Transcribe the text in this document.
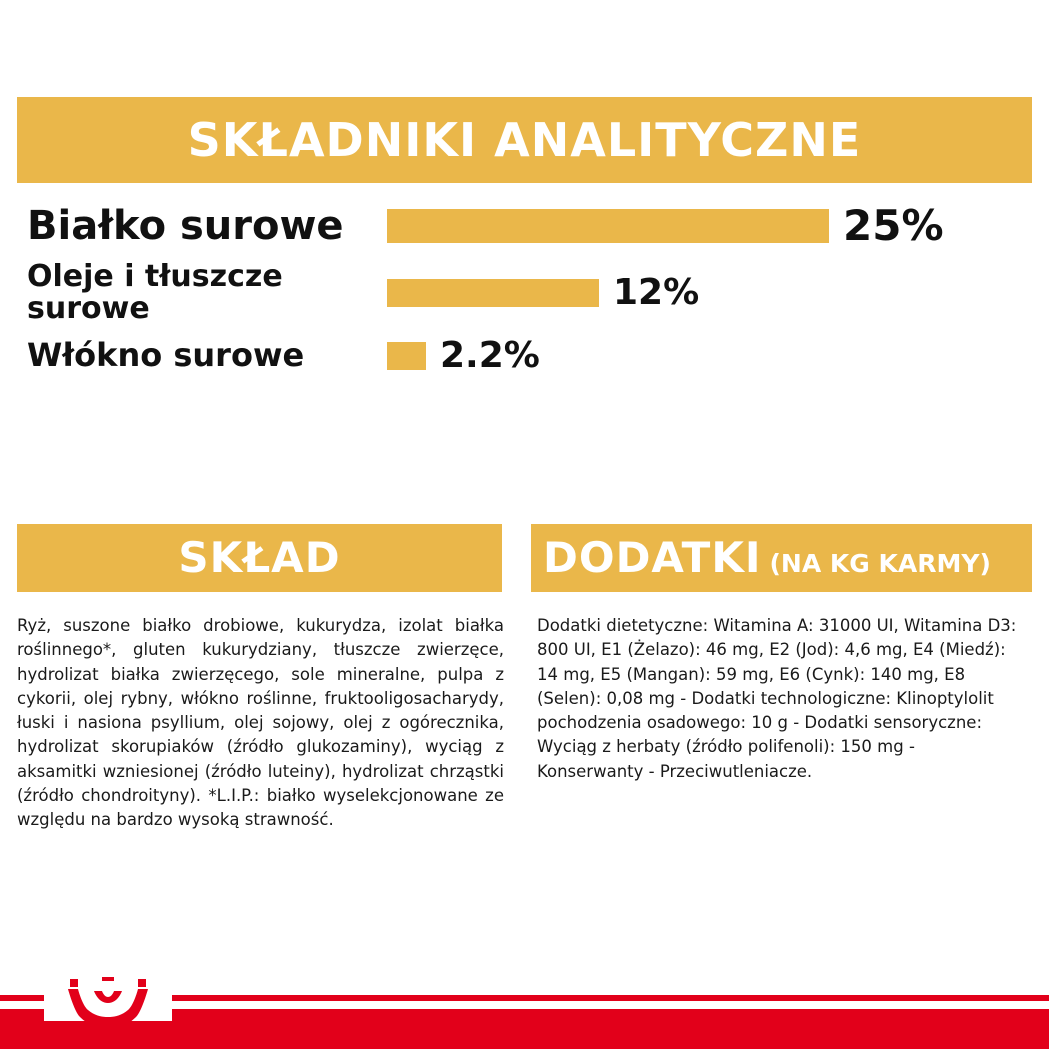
SKŁADNIKI ANALITYCZNE
Białko surowe	25%
Oleje i tłuszcze surowe	12%
Włókno surowe	2.2%
SKŁAD
Ryż, suszone białko drobiowe, kukurydza, izolat białka roślinnego*, gluten kukurydziany, tłuszcze zwierzęce, hydrolizat białka zwierzęcego, sole mineralne, pulpa z cykorii, olej rybny, włókno roślinne, fruktooligosacharydy, łuski i nasiona psyllium, olej sojowy, olej z ogórecznika, hydrolizat skorupiaków (źródło glukozaminy), wyciąg z aksamitki wzniesionej (źródło luteiny), hydrolizat chrząstki (źródło chondroityny). *L.I.P.: białko wyselekcjonowane ze względu na bardzo wysoką strawność.
DODATKI (NA KG KARMY)
Dodatki dietetyczne: Witamina A: 31000 UI, Witamina D3: 800 UI, E1 (Żelazo): 46 mg, E2 (Jod): 4,6 mg, E4 (Miedź): 14 mg, E5 (Mangan): 59 mg, E6 (Cynk): 140 mg, E8 (Selen): 0,08 mg - Dodatki technologiczne: Klinoptylolit pochodzenia osadowego: 10 g - Dodatki sensoryczne: Wyciąg z herbaty (źródło polifenoli): 150 mg - Konserwanty - Przeciwutleniacze.
